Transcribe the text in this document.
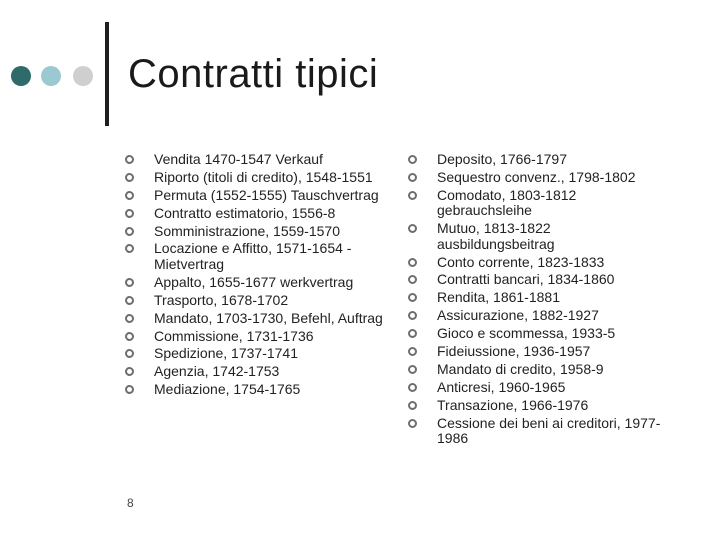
Contratti tipici
Vendita 1470-1547 Verkauf
Riporto (titoli di credito), 1548-1551
Permuta (1552-1555) Tauschvertrag
Contratto estimatorio, 1556-8
Somministrazione, 1559-1570
Locazione e Affitto, 1571-1654 - Mietvertrag
Appalto, 1655-1677 werkvertrag
Trasporto, 1678-1702
Mandato, 1703-1730, Befehl, Auftrag
Commissione, 1731-1736
Spedizione, 1737-1741
Agenzia, 1742-1753
Mediazione, 1754-1765
Deposito, 1766-1797
Sequestro convenz., 1798-1802
Comodato, 1803-1812 gebrauchsleihe
Mutuo, 1813-1822 ausbildungsbeitrag
Conto corrente, 1823-1833
Contratti bancari, 1834-1860
Rendita, 1861-1881
Assicurazione, 1882-1927
Gioco e scommessa, 1933-5
Fideiussione, 1936-1957
Mandato di credito, 1958-9
Anticresi, 1960-1965
Transazione, 1966-1976
Cessione dei beni ai creditori, 1977-1986
8
